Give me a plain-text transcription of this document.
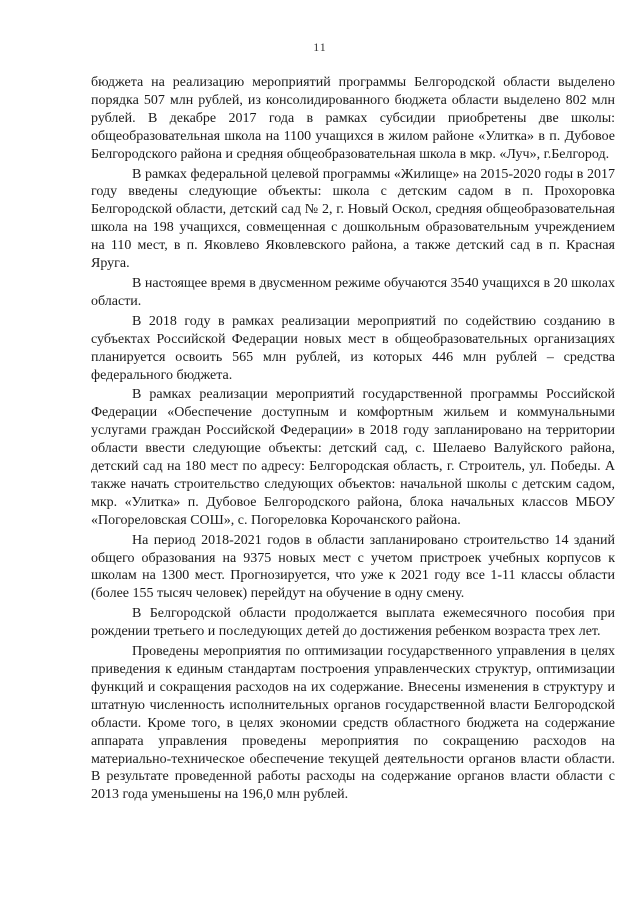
11

бюджета на реализацию мероприятий программы Белгородской области выделено порядка 507 млн рублей, из консолидированного бюджета области выделено 802 млн рублей. В декабре 2017 года в рамках субсидии приобретены две школы: общеобразовательная школа на 1100 учащихся в жилом районе «Улитка» в п. Дубовое Белгородского района и средняя общеобразовательная школа в мкр. «Луч», г.Белгород.

В рамках федеральной целевой программы «Жилище» на 2015-2020 годы в 2017 году введены следующие объекты: школа с детским садом в п. Прохоровка Белгородской области, детский сад № 2, г. Новый Оскол, средняя общеобразовательная школа на 198 учащихся, совмещенная с дошкольным образовательным учреждением на 110 мест, в п. Яковлево Яковлевского района, а также детский сад в п. Красная Яруга.

В настоящее время в двусменном режиме обучаются 3540 учащихся в 20 школах области.

В 2018 году в рамках реализации мероприятий по содействию созданию в субъектах Российской Федерации новых мест в общеобразовательных организациях планируется освоить 565 млн рублей, из которых 446 млн рублей – средства федерального бюджета.

В рамках реализации мероприятий государственной программы Российской Федерации «Обеспечение доступным и комфортным жильем и коммунальными услугами граждан Российской Федерации» в 2018 году запланировано на территории области ввести следующие объекты: детский сад, с. Шелаево Валуйского района, детский сад на 180 мест по адресу: Белгородская область, г. Строитель, ул. Победы. А также начать строительство следующих объектов: начальной школы с детским садом, мкр. «Улитка» п. Дубовое Белгородского района, блока начальных классов МБОУ «Погореловская СОШ», с. Погореловка Корочанского района.

На период 2018-2021 годов в области запланировано строительство 14 зданий общего образования на 9375 новых мест с учетом пристроек учебных корпусов к школам на 1300 мест. Прогнозируется, что уже к 2021 году все 1-11 классы области (более 155 тысяч человек) перейдут на обучение в одну смену.

В Белгородской области продолжается выплата ежемесячного пособия при рождении третьего и последующих детей до достижения ребенком возраста трех лет.

Проведены мероприятия по оптимизации государственного управления в целях приведения к единым стандартам построения управленческих структур, оптимизации функций и сокращения расходов на их содержание. Внесены изменения в структуру и штатную численность исполнительных органов государственной власти Белгородской области. Кроме того, в целях экономии средств областного бюджета на содержание аппарата управления проведены мероприятия по сокращению расходов на материально-техническое обеспечение текущей деятельности органов власти области. В результате проведенной работы расходы на содержание органов власти области с 2013 года уменьшены на 196,0 млн рублей.
